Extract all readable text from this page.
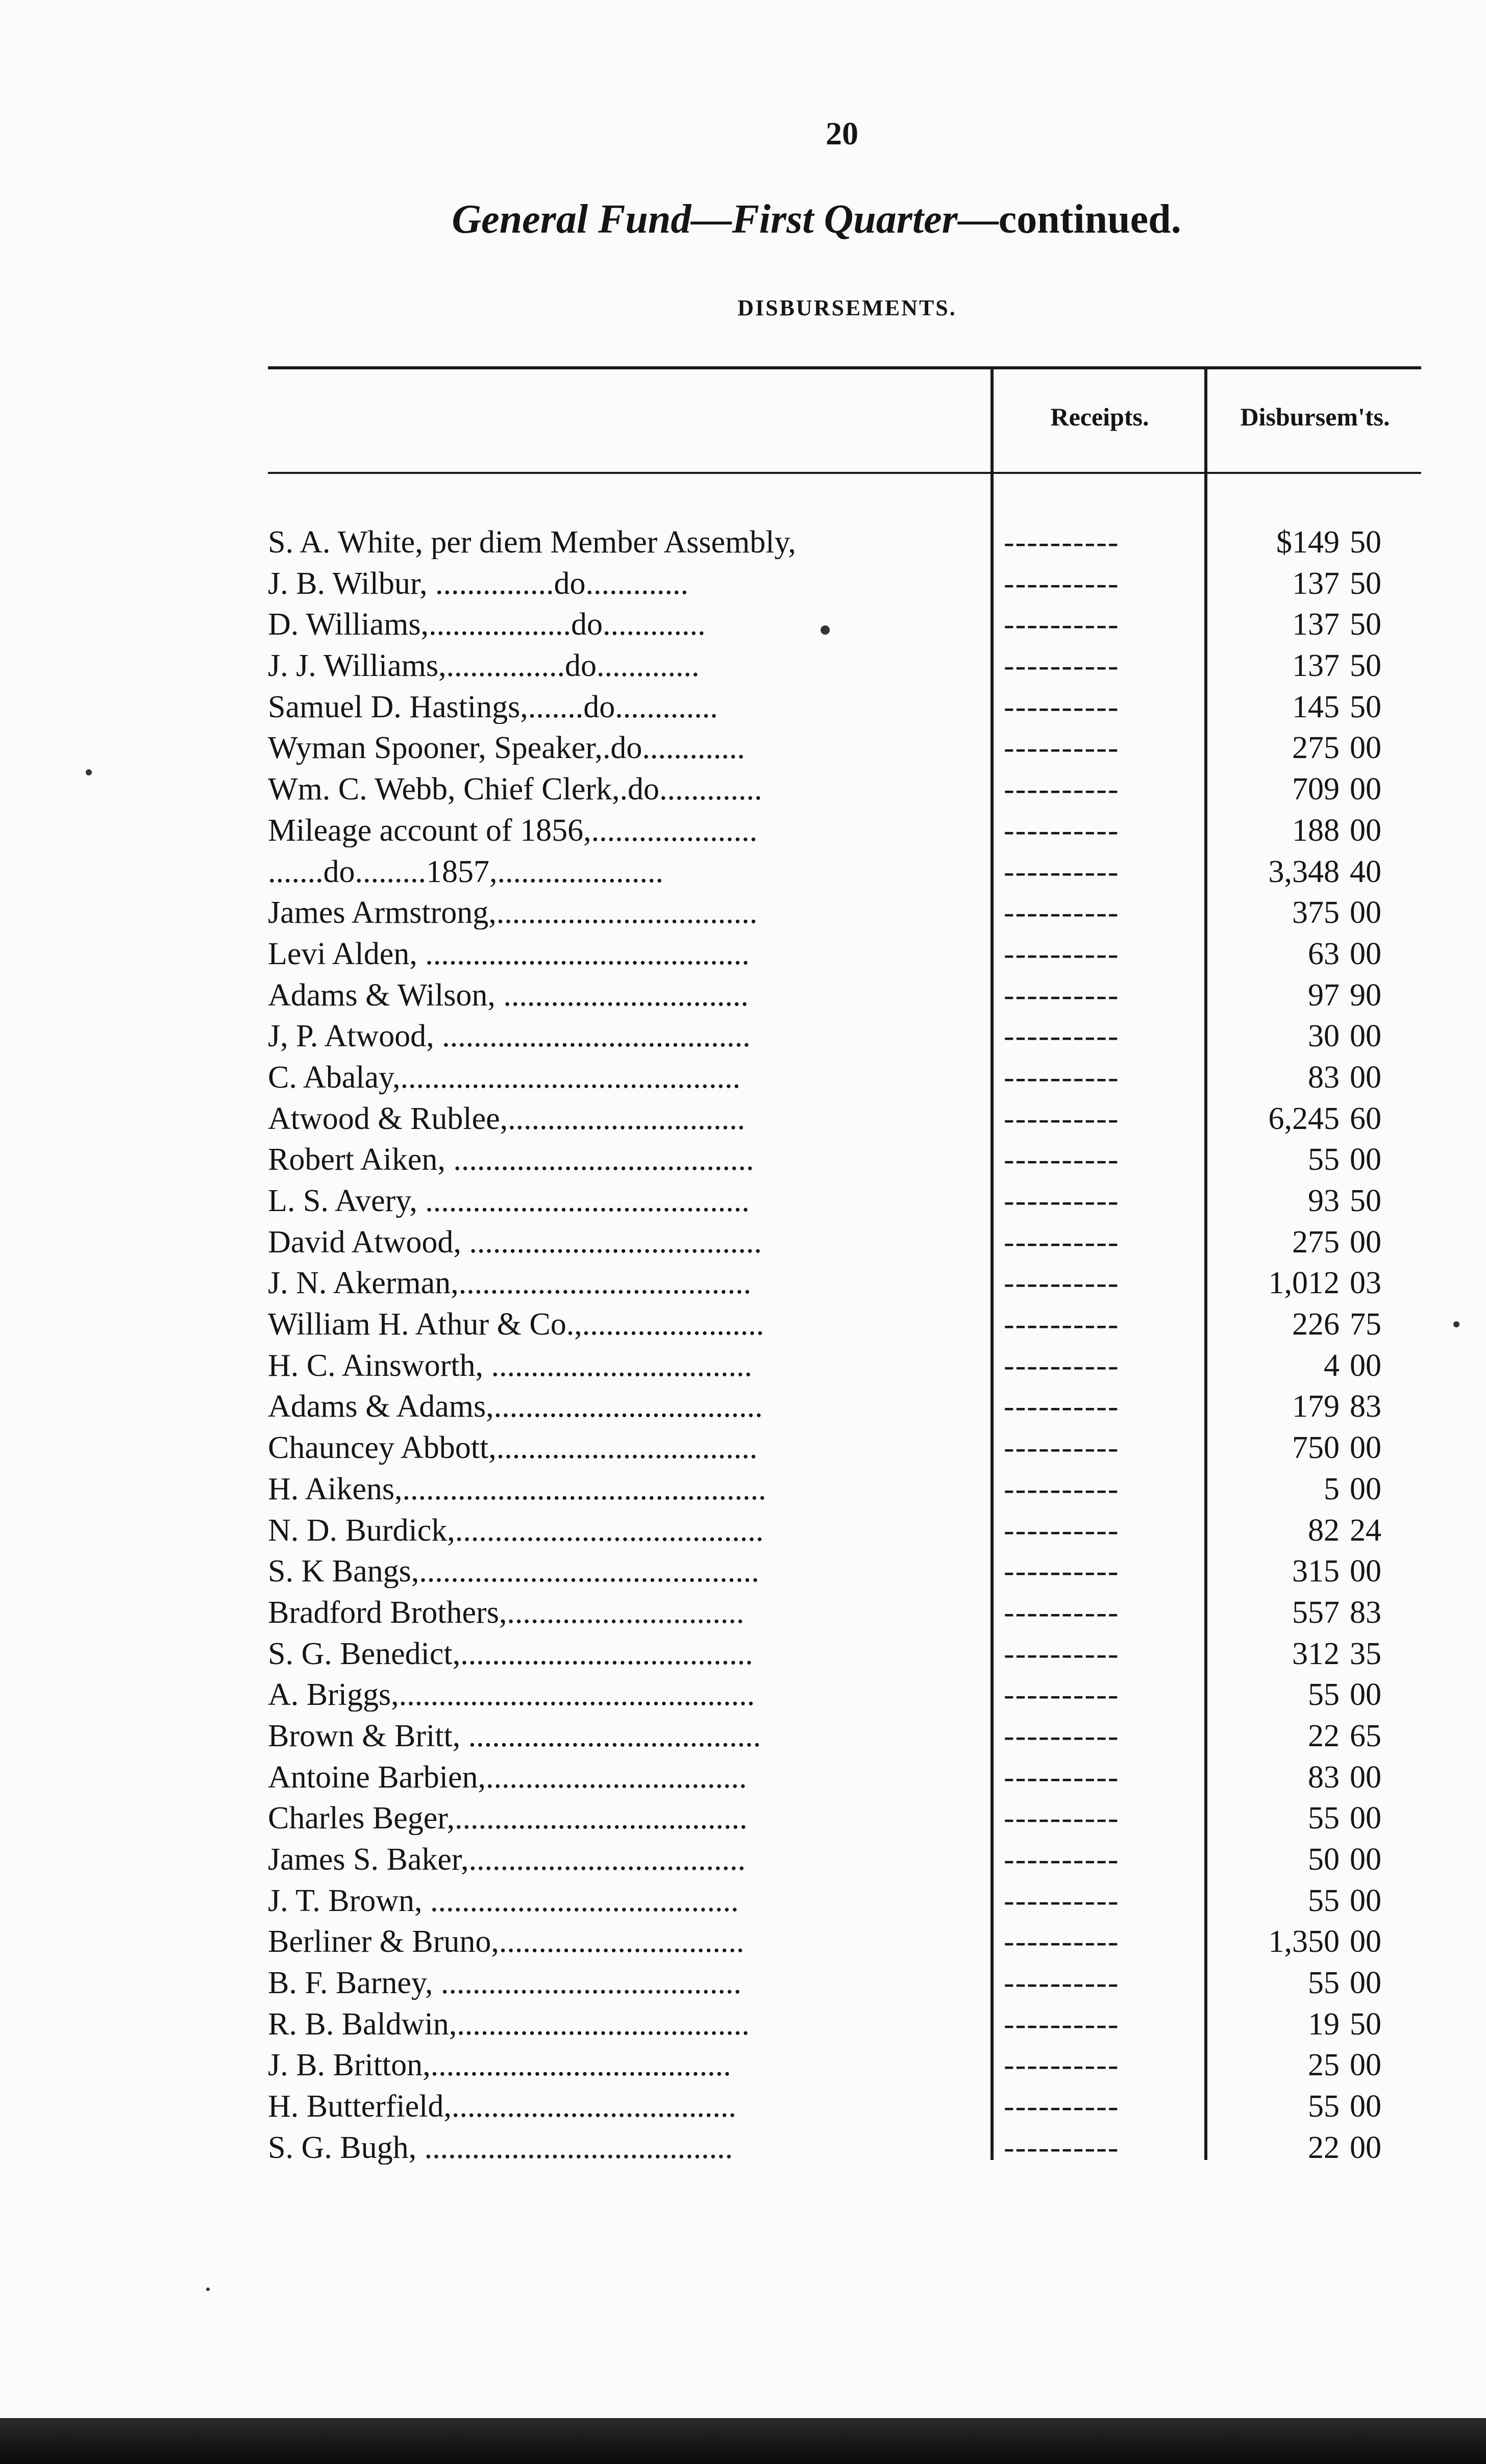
20
General Fund—First Quarter—continued.
DISBURSEMENTS.
Receipts.	Disbursem'ts.
S. A. White, per diem Member Assembly,	----------	$149 50
J. B. Wilbur, ...............do.............	----------	137 50
D. Williams,..................do.............	----------	137 50
J. J. Williams,...............do.............	----------	137 50
Samuel D. Hastings,.......do.............	----------	145 50
Wyman Spooner, Speaker,.do.............	----------	275 00
Wm. C. Webb, Chief Clerk,.do.............	----------	709 00
Mileage account of 1856,.....................	----------	188 00
.......do.........1857,.....................	----------	3,348 40
James Armstrong,.................................	----------	375 00
Levi Alden, .........................................	----------	63 00
Adams & Wilson, ...............................	----------	97 90
J, P. Atwood, .......................................	----------	30 00
C. Abalay,...........................................	----------	83 00
Atwood & Rublee,..............................	----------	6,245 60
Robert Aiken, ......................................	----------	55 00
L. S. Avery, .........................................	----------	93 50
David Atwood, .....................................	----------	275 00
J. N. Akerman,.....................................	----------	1,012 03
William H. Athur & Co.,.......................	----------	226 75
H. C. Ainsworth, .................................	----------	4 00
Adams & Adams,..................................	----------	179 83
Chauncey Abbott,.................................	----------	750 00
H. Aikens,..............................................	----------	5 00
N. D. Burdick,.......................................	----------	82 24
S. K Bangs,...........................................	----------	315 00
Bradford Brothers,..............................	----------	557 83
S. G. Benedict,.....................................	----------	312 35
A. Briggs,.............................................	----------	55 00
Brown & Britt, .....................................	----------	22 65
Antoine Barbien,.................................	----------	83 00
Charles Beger,.....................................	----------	55 00
James S. Baker,...................................	----------	50 00
J. T. Brown, .......................................	----------	55 00
Berliner & Bruno,...............................	----------	1,350 00
B. F. Barney, ......................................	----------	55 00
R. B. Baldwin,.....................................	----------	19 50
J. B. Britton,......................................	----------	25 00
H. Butterfield,....................................	----------	55 00
S. G. Bugh, .......................................	----------	22 00
